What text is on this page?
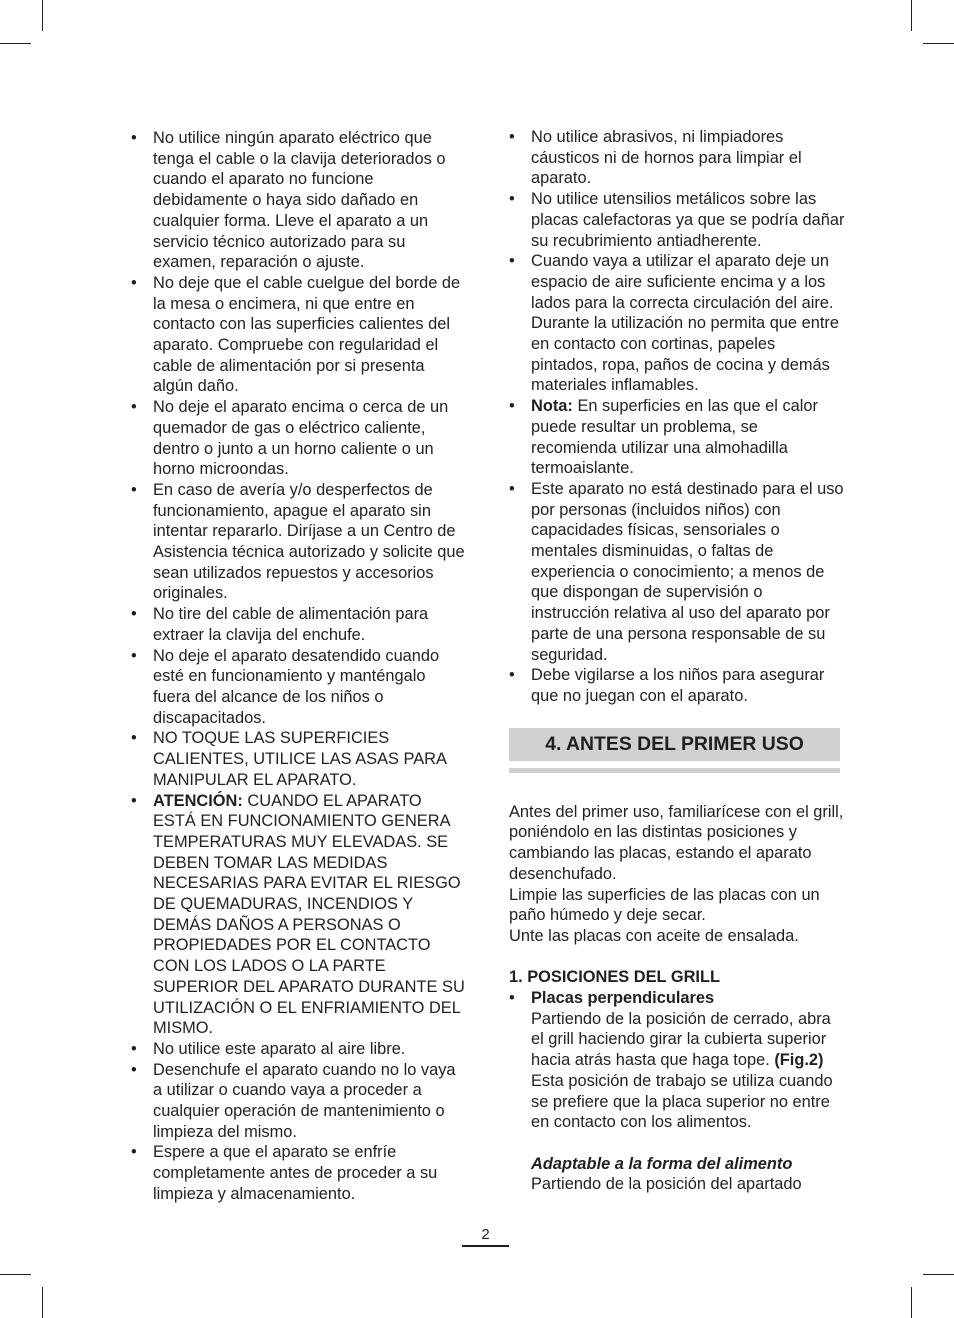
• No utilice ningún aparato eléctrico que tenga el cable o la clavija deteriorados o cuando el aparato no funcione debidamente o haya sido dañado en cualquier forma. Lleve el aparato a un servicio técnico autorizado para su examen, reparación o ajuste.
• No deje que el cable cuelgue del borde de la mesa o encimera, ni que entre en contacto con las superficies calientes del aparato. Compruebe con regularidad el cable de alimentación por si presenta algún daño.
• No deje el aparato encima o cerca de un quemador de gas o eléctrico caliente, dentro o junto a un horno caliente o un horno microondas.
• En caso de avería y/o desperfectos de funcionamiento, apague el aparato sin intentar repararlo. Diríjase a un Centro de Asistencia técnica autorizado y solicite que sean utilizados repuestos y accesorios originales.
• No tire del cable de alimentación para extraer la clavija del enchufe.
• No deje el aparato desatendido cuando esté en funcionamiento y manténgalo fuera del alcance de los niños o discapacitados.
• NO TOQUE LAS SUPERFICIES CALIENTES, UTILICE LAS ASAS PARA MANIPULAR EL APARATO.
• ATENCIÓN: CUANDO EL APARATO ESTÁ EN FUNCIONAMIENTO GENERA TEMPERATURAS MUY ELEVADAS. SE DEBEN TOMAR LAS MEDIDAS NECESARIAS PARA EVITAR EL RIESGO DE QUEMADURAS, INCENDIOS Y DEMÁS DAÑOS A PERSONAS O PROPIEDADES POR EL CONTACTO CON LOS LADOS O LA PARTE SUPERIOR DEL APARATO DURANTE SU UTILIZACIÓN O EL ENFRIAMIENTO DEL MISMO.
• No utilice este aparato al aire libre.
• Desenchufe el aparato cuando no lo vaya a utilizar o cuando vaya a proceder a cualquier operación de mantenimiento o limpieza del mismo.
• Espere a que el aparato se enfríe completamente antes de proceder a su limpieza y almacenamiento.
• No utilice abrasivos, ni limpiadores cáusticos ni de hornos para limpiar el aparato.
• No utilice utensilios metálicos sobre las placas calefactoras ya que se podría dañar su recubrimiento antiadherente.
• Cuando vaya a utilizar el aparato deje un espacio de aire suficiente encima y a los lados para la correcta circulación del aire. Durante la utilización no permita que entre en contacto con cortinas, papeles pintados, ropa, paños de cocina y demás materiales inflamables.
• Nota: En superficies en las que el calor puede resultar un problema, se recomienda utilizar una almohadilla termoaislante.
• Este aparato no está destinado para el uso por personas (incluidos niños) con capacidades físicas, sensoriales o mentales disminuidas, o faltas de experiencia o conocimiento; a menos de que dispongan de supervisión o instrucción relativa al uso del aparato por parte de una persona responsable de su seguridad.
• Debe vigilarse a los niños para asegurar que no juegan con el aparato.
4. ANTES DEL PRIMER USO

Antes del primer uso, familiarícese con el grill, poniéndolo en las distintas posiciones y cambiando las placas, estando el aparato desenchufado.

Limpie las superficies de las placas con un paño húmedo y deje secar.

Unte las placas con aceite de ensalada.

1. POSICIONES DEL GRILL

• Placas perpendiculares
Partiendo de la posición de cerrado, abra el grill haciendo girar la cubierta superior hacia atrás hasta que haga tope. (Fig.2)
Esta posición de trabajo se utiliza cuando se prefiere que la placa superior no entre en contacto con los alimentos.
Adaptable a la forma del alimento
Partiendo de la posición del apartado
2
